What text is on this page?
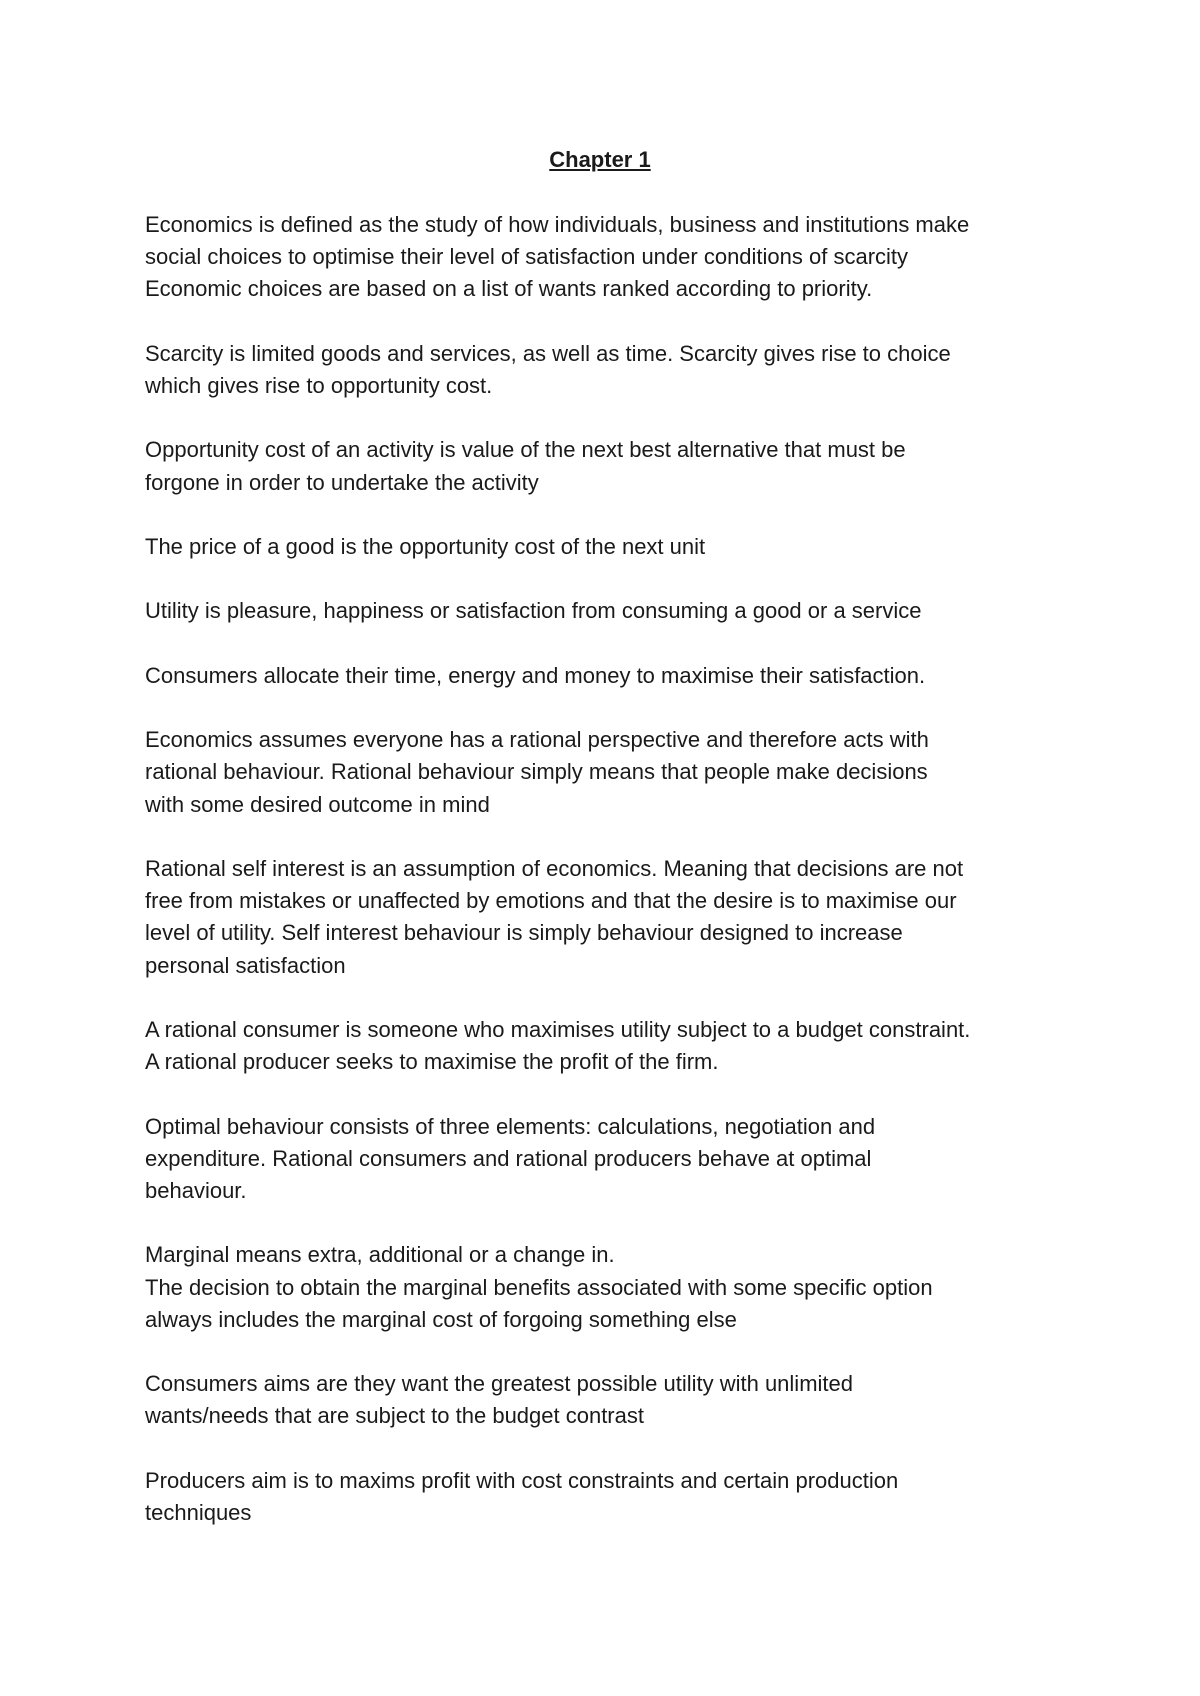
Chapter 1
Economics is defined as the study of how individuals, business and institutions make
social choices to optimise their level of satisfaction under conditions of scarcity
Economic choices are based on a list of wants ranked according to priority.
Scarcity is limited goods and services, as well as time. Scarcity gives rise to choice
which gives rise to opportunity cost.
Opportunity cost of an activity is value of the next best alternative that must be
forgone in order to undertake the activity
The price of a good is the opportunity cost of the next unit
Utility is pleasure, happiness or satisfaction from consuming a good or a service
Consumers allocate their time, energy and money to maximise their satisfaction.
Economics assumes everyone has a rational perspective and therefore acts with
rational behaviour. Rational behaviour simply means that people make decisions
with some desired outcome in mind
Rational self interest is an assumption of economics. Meaning that decisions are not
free from mistakes or unaffected by emotions and that the desire is to maximise our
level of utility. Self interest behaviour is simply behaviour designed to increase
personal satisfaction
A rational consumer is someone who maximises utility subject to a budget constraint.
A rational producer seeks to maximise the profit of the firm.
Optimal behaviour consists of three elements: calculations, negotiation and
expenditure. Rational consumers and rational producers behave at optimal
behaviour.
Marginal means extra, additional or a change in.
The decision to obtain the marginal benefits associated with some specific option
always includes the marginal cost of forgoing something else
Consumers aims are they want the greatest possible utility with unlimited
wants/needs that are subject to the budget contrast
Producers aim is to maxims profit with cost constraints and certain production
techniques
